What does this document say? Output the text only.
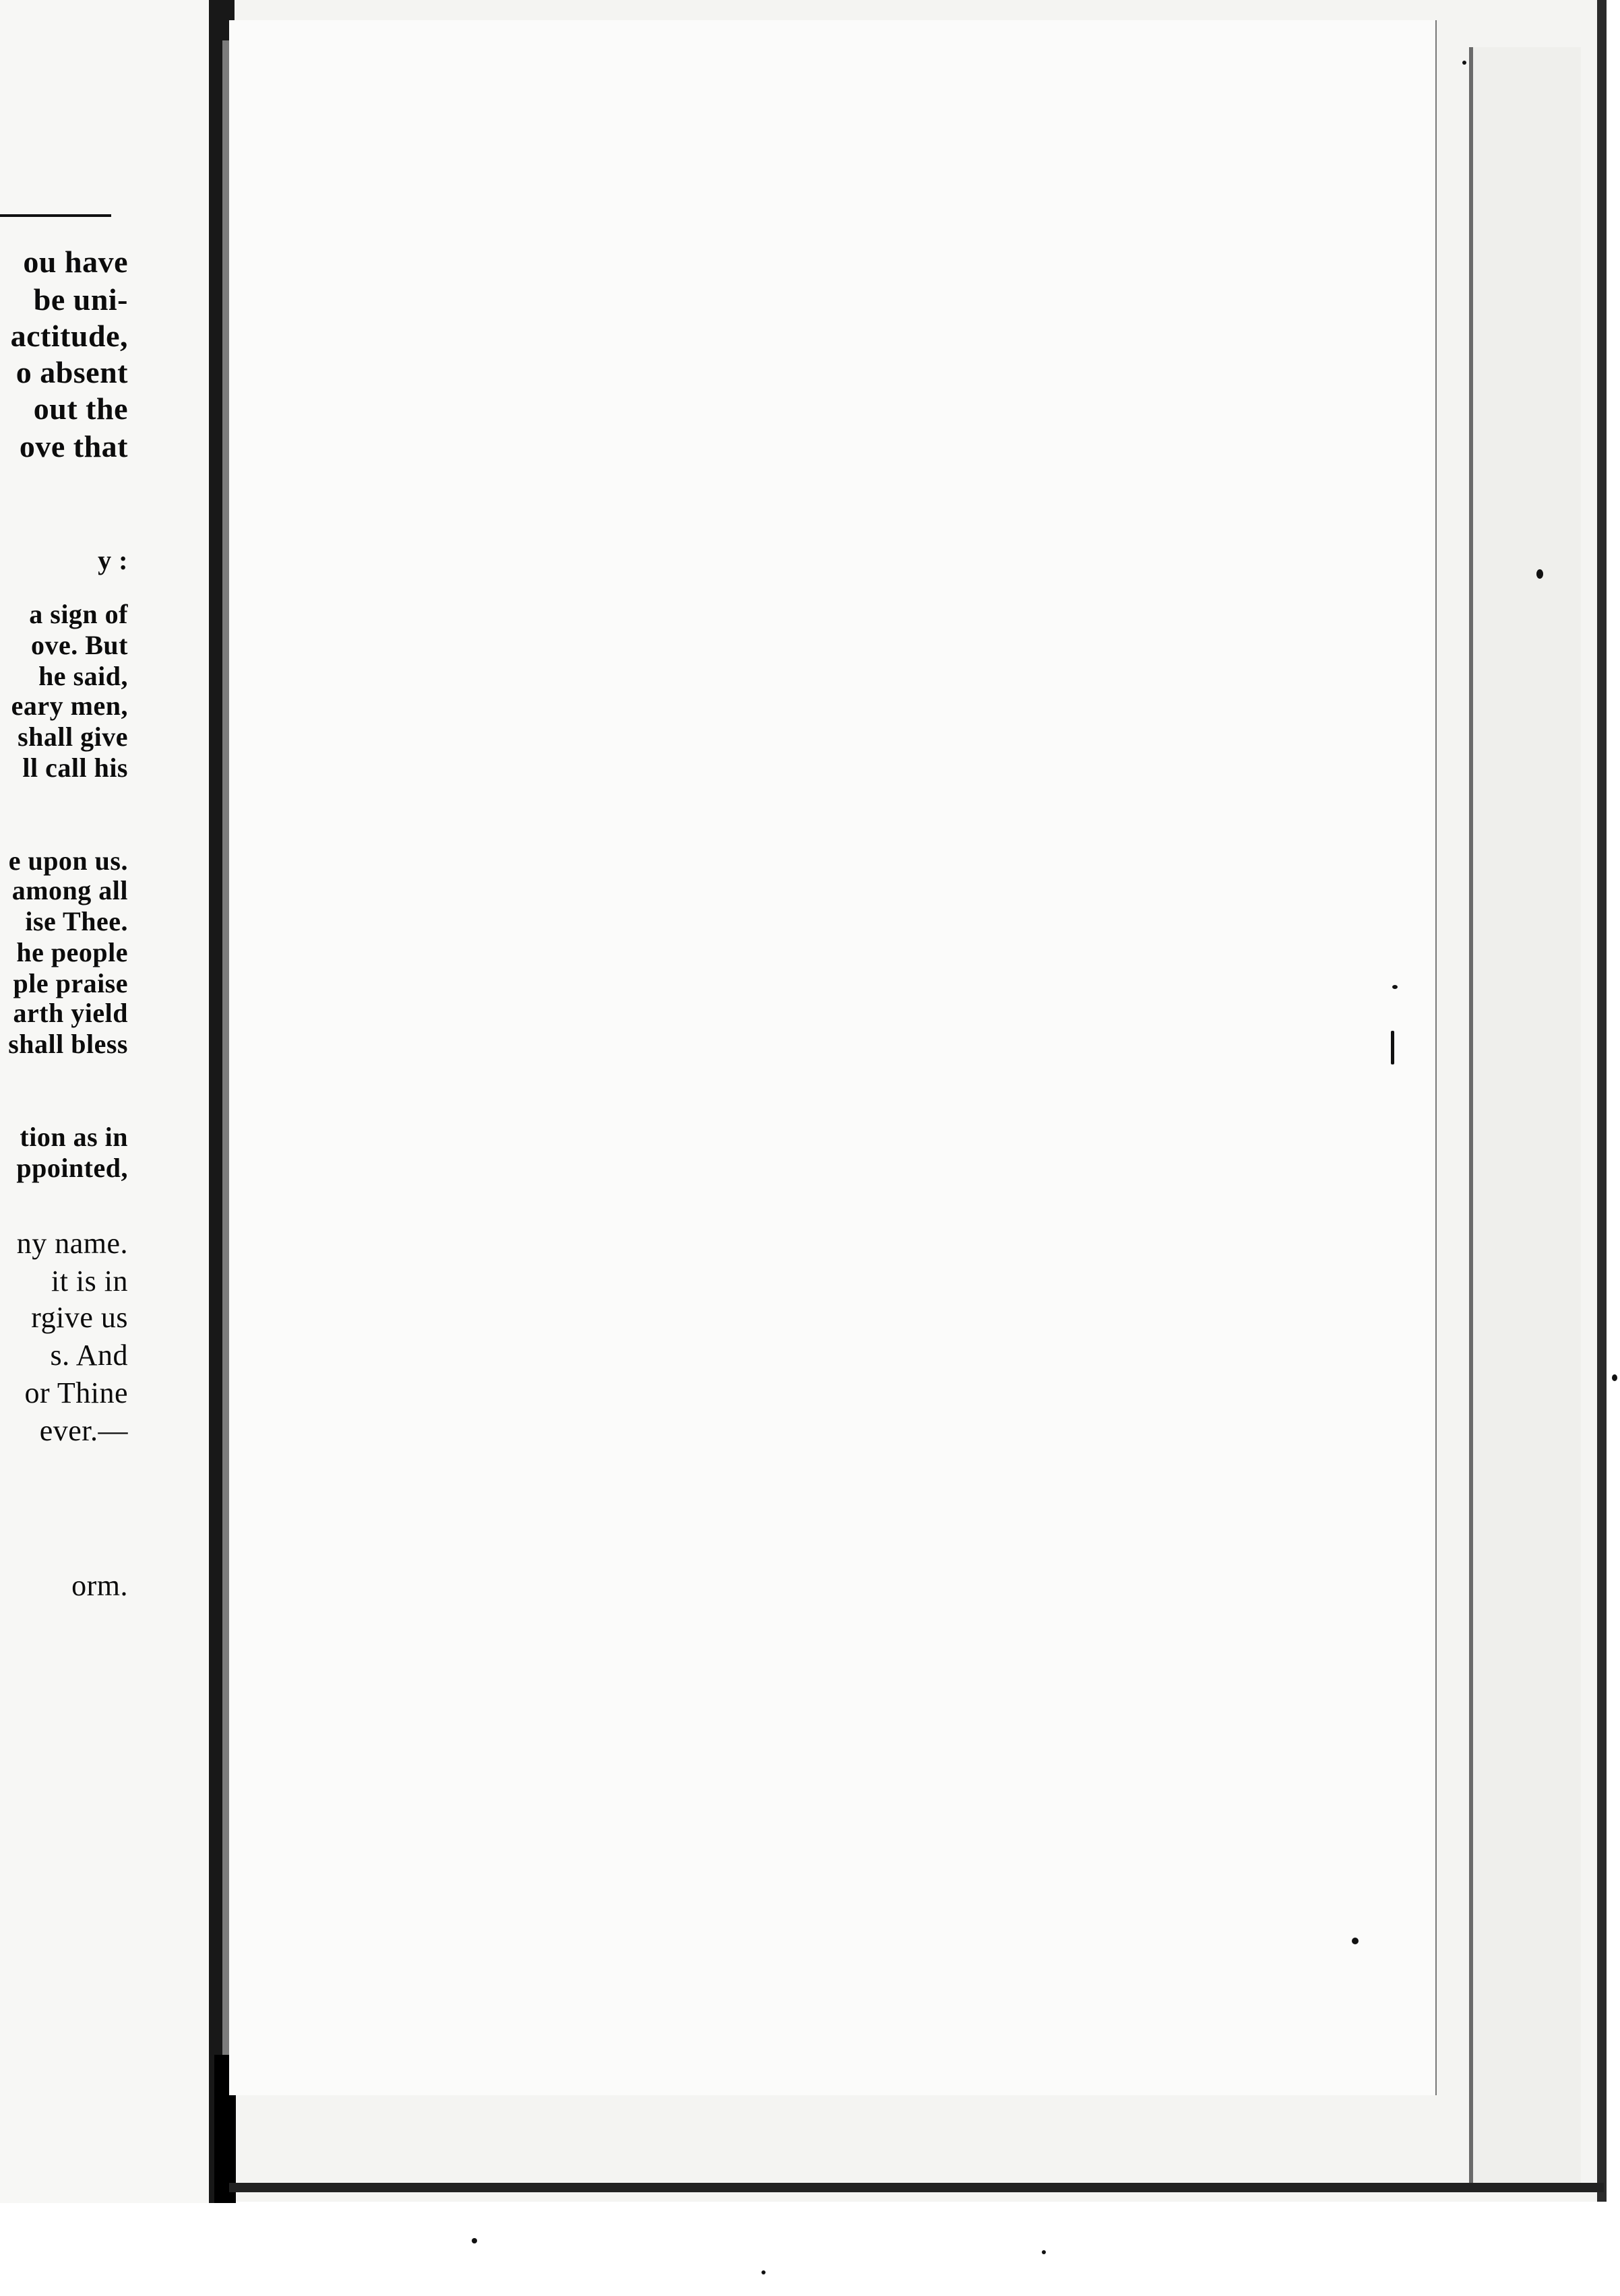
ou have
be uni-
actitude,
o absent
out the
ove that
y :
a sign of
ove. But
he said,
eary men,
shall give
ll call his
e upon us.
among all
ise Thee.
he people
ple praise
arth yield
shall bless
tion as in
ppointed,
ny name.
it is in
rgive us
s. And
or Thine
ever.—
orm.
